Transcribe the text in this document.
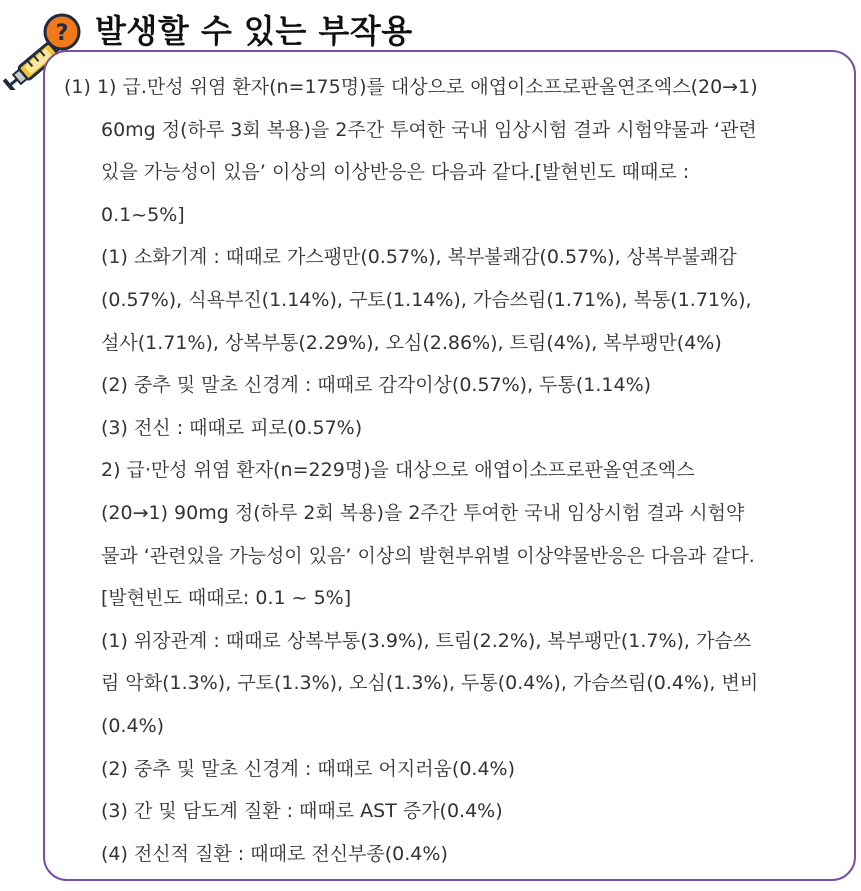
? 발생할 수 있는 부작용
(1) 1) 급.만성 위염 환자(n=175명)를 대상으로 애엽이소프로판올연조엑스(20→1)
60mg 정(하루 3회 복용)을 2주간 투여한 국내 임상시험 결과 시험약물과 ‘관련
있을 가능성이 있음’ 이상의 이상반응은 다음과 같다.[발현빈도 때때로 :
0.1~5%]
(1) 소화기계 : 때때로 가스팽만(0.57%), 복부불쾌감(0.57%), 상복부불쾌감
(0.57%), 식욕부진(1.14%), 구토(1.14%), 가슴쓰림(1.71%), 복통(1.71%),
설사(1.71%), 상복부통(2.29%), 오심(2.86%), 트림(4%), 복부팽만(4%)
(2) 중추 및 말초 신경계 : 때때로 감각이상(0.57%), 두통(1.14%)
(3) 전신 : 때때로 피로(0.57%)
2) 급·만성 위염 환자(n=229명)을 대상으로 애엽이소프로판올연조엑스
(20→1) 90mg 정(하루 2회 복용)을 2주간 투여한 국내 임상시험 결과 시험약
물과 ‘관련있을 가능성이 있음’ 이상의 발현부위별 이상약물반응은 다음과 같다.
[발현빈도 때때로: 0.1 ~ 5%]
(1) 위장관계 : 때때로 상복부통(3.9%), 트림(2.2%), 복부팽만(1.7%), 가슴쓰
림 악화(1.3%), 구토(1.3%), 오심(1.3%), 두통(0.4%), 가슴쓰림(0.4%), 변비
(0.4%)
(2) 중추 및 말초 신경계 : 때때로 어지러움(0.4%)
(3) 간 및 담도계 질환 : 때때로 AST 증가(0.4%)
(4) 전신적 질환 : 때때로 전신부종(0.4%)
